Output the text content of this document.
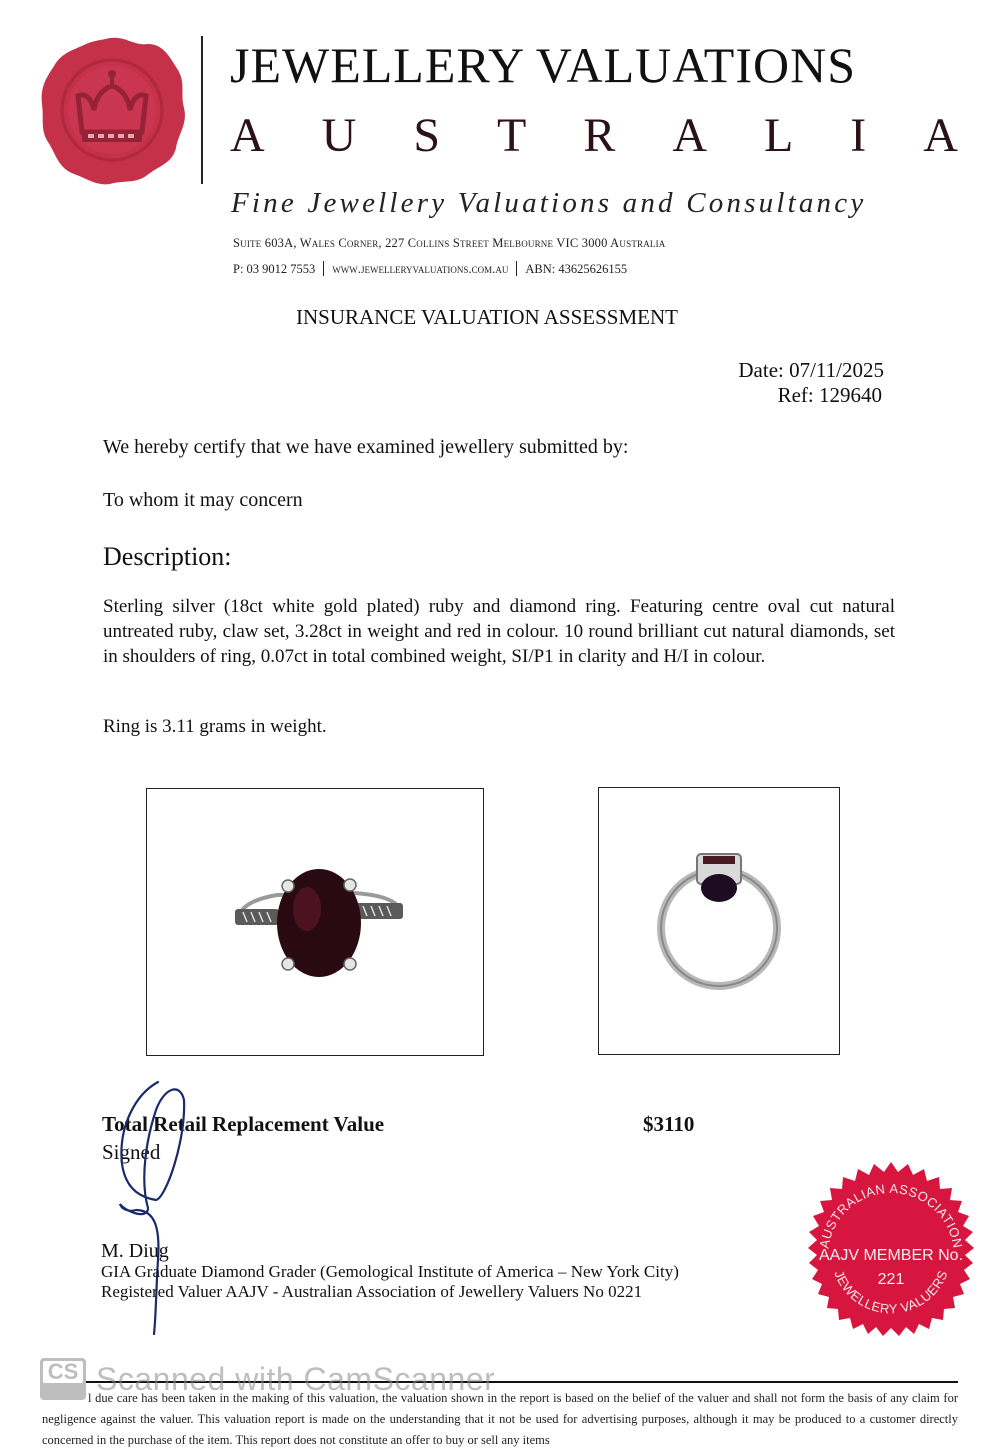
JEWELLERY VALUATIONS
A U S T R A L I A
Fine Jewellery Valuations and Consultancy
Suite 603A, Wales Corner, 227 Collins Street Melbourne VIC 3000 Australia
P: 03 9012 7553 www.jewelleryvaluations.com.au ABN: 43625626155
INSURANCE VALUATION ASSESSMENT
Date: 07/11/2025
Ref: 129640
We hereby certify that we have examined jewellery submitted by:
To whom it may concern
Description:
Sterling silver (18ct white gold plated) ruby and diamond ring. Featuring centre oval cut natural untreated ruby, claw set, 3.28ct in weight and red in colour. 10 round brilliant cut natural diamonds, set in shoulders of ring, 0.07ct in total combined weight, SI/P1 in clarity and H/I in colour.
Ring is 3.11 grams in weight.
Total Retail Replacement Value	$3110
Signed
M. Diug
GIA Graduate Diamond Grader (Gemological Institute of America – New York City)
Registered Valuer AAJV - Australian Association of Jewellery Valuers No 0221
AUSTRALIAN ASSOCIATION
AAJV MEMBER No.
221
JEWELLERY VALUERS
l due care has been taken in the making of this valuation, the valuation shown in the report is based on the belief of the valuer and shall not form the basis of any claim for negligence against the valuer. This valuation report is made on the understanding that it not be used for advertising purposes, although it may be produced to a customer directly concerned in the purchase of the item. This report does not constitute an offer to buy or sell any items
CS Scanned with CamScanner
